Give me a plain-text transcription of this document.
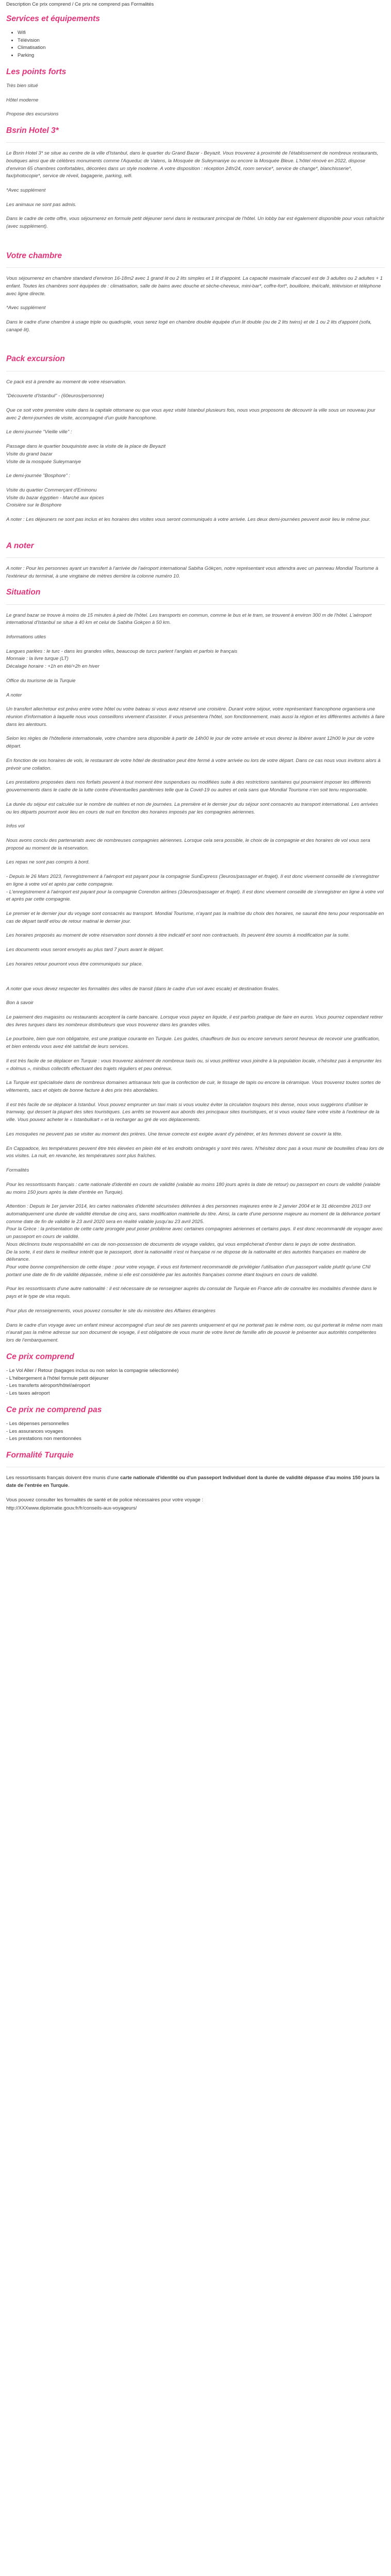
Description Ce prix comprend / Ce prix ne comprend pas Formalités
Services et équipements
• Wifi
• Télévision
• Climatisation
• Parking
Les points forts

Très bien situé

Hôtel moderne

Propose des excursions

Bsrin Hotel 3*

Le Bsrin Hotel 3* se situe au centre de la ville d'Istanbul, dans le quartier du Grand Bazar - Beyazit. Vous trouverez à proximité de l'établissement de nombreux restaurants, boutiques ainsi que de célèbres monuments comme l'Aqueduc de Valens, la Mosquée de Suleymaniye ou encore la Mosquée Bleue. L'hôtel rénové en 2022, dispose d'environ 65 chambres confortables, décorées dans un style moderne. A votre disposition : réception 24h/24, room service*, service de change*, blanchisserie*, fax/photocopie*, service de réveil, bagagerie, parking, wifi.

*Avec supplément

Les animaux ne sont pas admis.

Dans le cadre de cette offre, vous séjournerez en formule petit déjeuner servi dans le restaurant principal de l'hôtel. Un lobby bar est également disponible pour vous rafraîchir (avec supplément).

Votre chambre

Vous séjournerez en chambre standard d'environ 16-18m2 avec 1 grand lit ou 2 lits simples et 1 lit d'appoint. La capacité maximale d'accueil est de 3 adultes ou 2 adultes + 1 enfant. Toutes les chambres sont équipées de : climatisation, salle de bains avec douche et sèche-cheveux, mini-bar*, coffre-fort*, bouilloire, thé/café, télévision et téléphone avec ligne directe.

*Avec supplément

Dans le cadre d'une chambre à usage triple ou quadruple, vous serez logé en chambre double équipée d'un lit double (ou de 2 lits twins) et de 1 ou 2 lits d'appoint (sofa, canapé lit).

Pack excursion

Ce pack est à prendre au moment de votre réservation.

"Découverte d'Istanbul" - (60euros/personne)

Que ce soit votre première visite dans la capitale ottomane ou que vous ayez visité Istanbul plusieurs fois, nous vous proposons de découvrir la ville sous un nouveau jour avec 2 demi-journées de visite, accompagné d'un guide francophone.

Le demi-journée "Vieille ville" :

Passage dans le quartier bouquiniste avec la visite de la place de Beyazit
Visite du grand bazar
Visite de la mosquée Suleymaniye

Le demi-journée "Bosphore" :

Visite du quartier Commerçant d'Eminonu
Visite du bazar égyptien - Marché aux épices
Croisière sur le Bosphore

A noter : Les déjeuners ne sont pas inclus et les horaires des visites vous seront communiqués à votre arrivée. Les deux demi-journées peuvent avoir lieu le même jour.

A noter

A noter : Pour les personnes ayant un transfert à l'arrivée de l'aéroport international Sabiha Gökçen, notre représentant vous attendra avec un panneau Mondial Tourisme à l'extérieur du terminal, à une vingtaine de mètres derrière la colonne numéro 10.

Situation

Le grand bazar se trouve à moins de 15 minutes à pied de l'hôtel. Les transports en commun, comme le bus et le tram, se trouvent à environ 300 m de l'hôtel. L'aéroport international d'Istanbul se situe à 40 km et celui de Sabiha Gokçen à 50 km.

Informations utiles

Langues parlées : le turc - dans les grandes villes, beaucoup de turcs parlent l'anglais et parfois le français
Monnaie : la livre turque (LT)
Décalage horaire : +1h en été/+2h en hiver

Office du tourisme de la Turquie

A noter

Un transfert aller/retour est prévu entre votre hôtel ou votre bateau si vous avez réservé une croisière. Durant votre séjour, votre représentant francophone organisera une réunion d'information à laquelle nous vous conseillons vivement d'assister. Il vous présentera l'hôtel, son fonctionnement, mais aussi la région et les différentes activités à faire dans les alentours.

Selon les règles de l'hôtellerie internationale, votre chambre sera disponible à partir de 14h00 le jour de votre arrivée et vous devrez la libérer avant 12h00 le jour de votre départ.

En fonction de vos horaires de vols, le restaurant de votre hôtel de destination peut être fermé à votre arrivée ou lors de votre départ. Dans ce cas nous vous invitons alors à prévoir une collation.

Les prestations proposées dans nos forfaits peuvent à tout moment être suspendues ou modifiées suite à des restrictions sanitaires qui pourraient imposer les différents gouvernements dans le cadre de la lutte contre d'éventuelles pandémies telle que la Covid-19 ou autres et cela sans que Mondial Tourisme n'en soit tenu responsable.

La durée du séjour est calculée sur le nombre de nuitées et non de journées. La première et le dernier jour du séjour sont consacrés au transport international. Les arrivées ou les départs pourront avoir lieu en cours de nuit en fonction des horaires imposés par les compagnies aériennes.

Infos vol

Nous avons conclu des partenariats avec de nombreuses compagnies aériennes. Lorsque cela sera possible, le choix de la compagnie et des horaires de vol vous sera proposé au moment de la réservation.

Les repas ne sont pas compris à bord.

- Depuis le 26 Mars 2023, l'enregistrement à l'aéroport est payant pour la compagnie SunExpress (3euros/passager et /trajet). Il est donc vivement conseillé de s'enregistrer en ligne à votre vol et après par cette compagnie.
- L'enregistrement à l'aéroport est payant pour la compagnie Corendon airlines (10euros/passager et /trajet). Il est donc vivement conseillé de s'enregistrer en ligne à votre vol et après par cette compagnie.

Le premier et le dernier jour du voyage sont consacrés au transport. Mondial Tourisme, n'ayant pas la maîtrise du choix des horaires, ne saurait être tenu pour responsable en cas de départ tardif et/ou de retour matinal le dernier jour.

Les horaires proposés au moment de votre réservation sont donnés à titre indicatif et sont non contractuels. Ils peuvent être soumis à modification par la suite.

Les documents vous seront envoyés au plus tard 7 jours avant le départ.

Les horaires retour pourront vous être communiqués sur place.

A noter que vous devez respecter les formalités des villes de transit (dans le cadre d'un vol avec escale) et destination finales.

Bon à savoir

Le paiement des magasins ou restaurants acceptent la carte bancaire. Lorsque vous payez en liquide, il est parfois pratique de faire en euros. Vous pourrez cependant retirer des livres turques dans les nombreux distributeurs que vous trouverez dans les grandes villes.

Le pourboire, bien que non obligatoire, est une pratique courante en Turquie. Les guides, chauffeurs de bus ou encore serveurs seront heureux de recevoir une gratification, et bien entendu vous avez été satisfait de leurs services.

Il est très facile de se déplacer en Turquie : vous trouverez aisément de nombreux taxis ou, si vous préférez vous joindre à la population locale, n'hésitez pas à emprunter les « dolmus », minibus collectifs effectuant des trajets réguliers et peu onéreux.

La Turquie est spécialisée dans de nombreux domaines artisanaux tels que la confection de cuir, le tissage de tapis ou encore la céramique. Vous trouverez toutes sortes de vêtements, sacs et objets de bonne facture à des prix très abordables.

Il est très facile de se déplacer à Istanbul. Vous pouvez emprunter un taxi mais si vous voulez éviter la circulation toujours très dense, nous vous suggérons d'utiliser le tramway, qui dessert la plupart des sites touristiques. Les arrêts se trouvent aux abords des principaux sites touristiques, et si vous voulez faire votre visite à l'extérieur de la ville. Vous pouvez acheter le « Istanbulkart » et la recharger au gré de vos déplacements.

Les mosquées ne peuvent pas se visiter au moment des prières. Une tenue correcte est exigée avant d'y pénétrer, et les femmes doivent se couvrir la tête.

En Cappadoce, les températures peuvent être très élevées en plein été et les endroits ombragés y sont très rares. N'hésitez donc pas à vous munir de bouteilles d'eau lors de vos visites. La nuit, en revanche, les températures sont plus fraîches.

Formalités

Pour les ressortissants français : carte nationale d'identité en cours de validité (valable au moins 180 jours après la date de retour) ou passeport en cours de validité (valable au moins 150 jours après la date d'entrée en Turquie).

Attention : Depuis le 1er janvier 2014, les cartes nationales d'identité sécurisées délivrées à des personnes majeures entre le 2 janvier 2004 et le 31 décembre 2013 ont automatiquement une durée de validité étendue de cinq ans, sans modification matérielle du titre. Ainsi, la carte d'une personne majeure au moment de la délivrance portant comme date de fin de validité le 23 avril 2020 sera en réalité valable jusqu'au 23 avril 2025.
Pour la Grèce : la présentation de cette carte prorogée peut poser problème avec certaines compagnies aériennes et certains pays. Il est donc recommandé de voyager avec un passeport en cours de validité.
Nous déclinons toute responsabilité en cas de non-possession de documents de voyage valides, qui vous empêcherait d'entrer dans le pays de votre destination.
De la sorte, il est dans le meilleur intérêt que le passeport, dont la nationalité n'est ni française ni ne dispose de la nationalité et des autorités françaises en matière de délivrance.
Pour votre bonne compréhension de cette étape : pour votre voyage, il vous est fortement recommandé de privilégier l'utilisation d'un passeport valide plutôt qu'une CNI portant une date de fin de validité dépassée, même si elle est considérée par les autorités françaises comme étant toujours en cours de validité.

Pour les ressortissants d'une autre nationalité : il est nécessaire de se renseigner auprès du consulat de Turquie en France afin de connaître les modalités d'entrée dans le pays et le type de visa requis.

Pour plus de renseignements, vous pouvez consulter le site du ministère des Affaires étrangères

Dans le cadre d'un voyage avec un enfant mineur accompagné d'un seul de ses parents uniquement et qui ne porterait pas le même nom, ou qui porterait le même nom mais n'aurait pas la même adresse sur son document de voyage, il est obligatoire de vous munir de votre livret de famille afin de pouvoir le présenter aux autorités compétentes lors de l'embarquement.

Ce prix comprend
- Le Vol Aller / Retour (bagages inclus ou non selon la compagnie sélectionnée)
- L'hébergement à l'hôtel formule petit déjeuner
- Les transferts aéroport/hôtel/aéroport
- Les taxes aéroport
Ce prix ne comprend pas
- Les dépenses personnelles
- Les assurances voyages
- Les prestations non mentionnées
Formalité Turquie

Les ressortissants français doivent être munis d'une carte nationale d'identité ou d'un passeport Individuel dont la durée de validité dépasse d'au moins 150 jours la date de l'entrée en Turquie.

Vous pouvez consulter les formalités de santé et de police nécessaires pour votre voyage :

http://XXXwww.diplomatie.gouv.fr/fr/conseils-aux-voyageurs/
